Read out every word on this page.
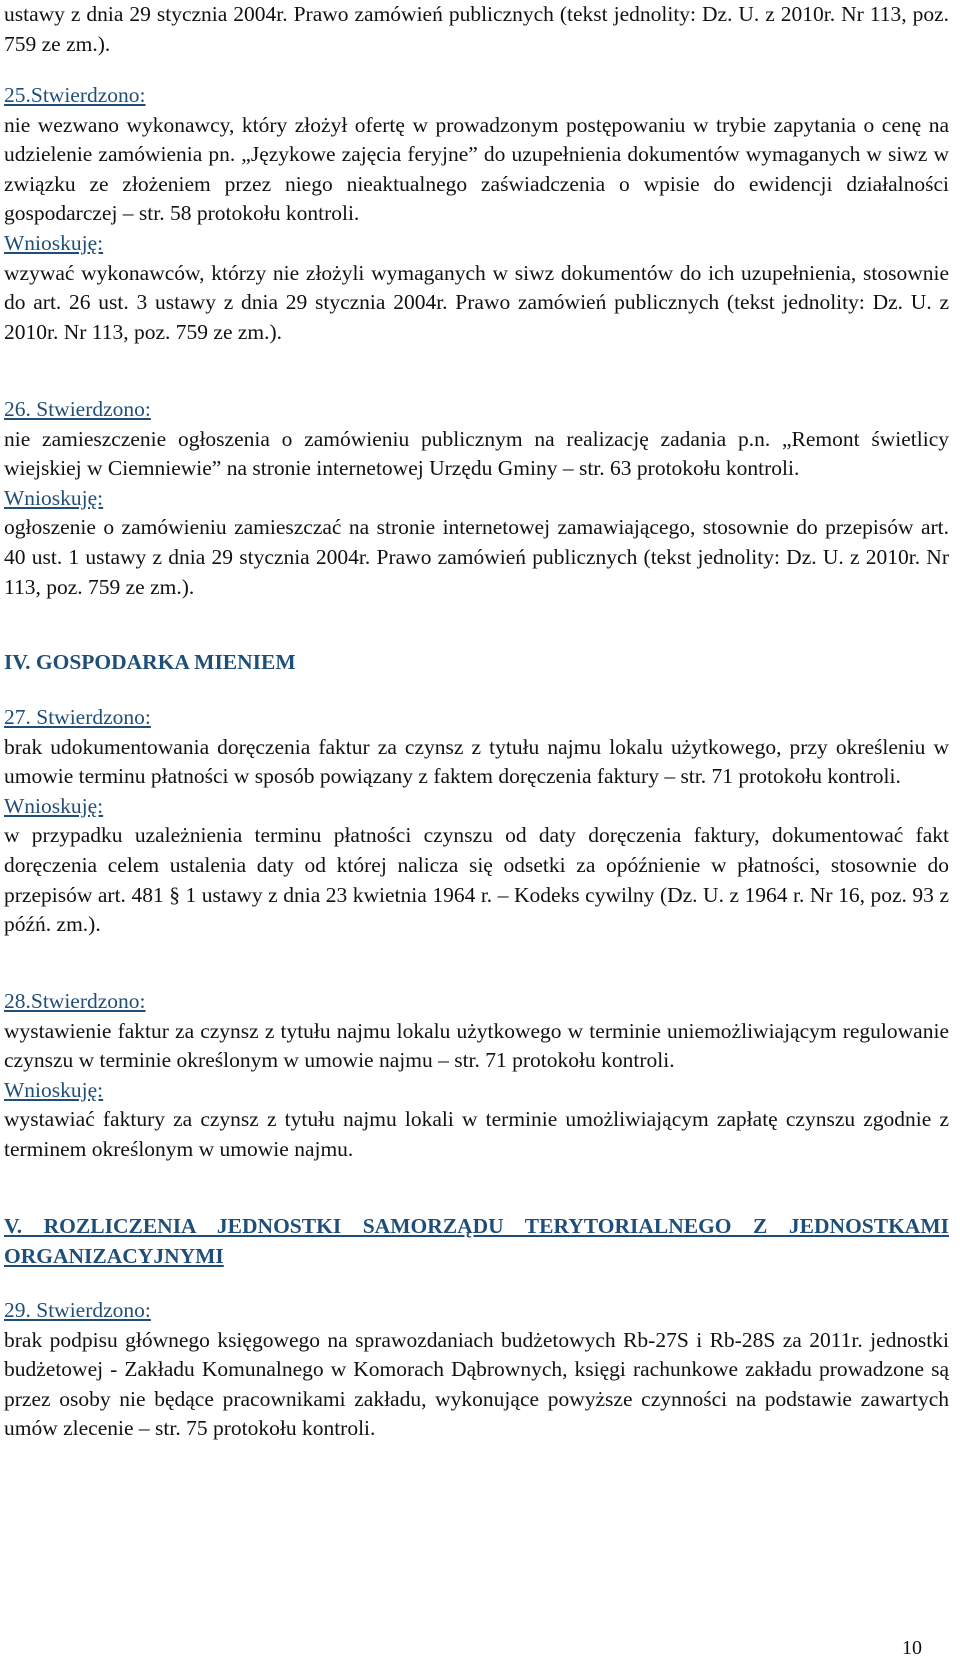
ustawy z dnia 29 stycznia 2004r. Prawo zamówień publicznych (tekst jednolity: Dz. U. z 2010r. Nr 113, poz. 759 ze zm.).

25.Stwierdzono:

nie wezwano wykonawcy, który złożył ofertę w prowadzonym postępowaniu w trybie zapytania o cenę na udzielenie zamówienia pn. „Językowe zajęcia feryjne” do uzupełnienia dokumentów wymaganych w siwz w związku ze złożeniem przez niego nieaktualnego zaświadczenia o wpisie do ewidencji działalności gospodarczej – str. 58 protokołu kontroli.

Wnioskuję:

wzywać wykonawców, którzy nie złożyli wymaganych w siwz dokumentów do ich uzupełnienia, stosownie do art. 26 ust. 3 ustawy z dnia 29 stycznia 2004r. Prawo zamówień publicznych (tekst jednolity: Dz. U. z 2010r. Nr 113, poz. 759 ze zm.).

26. Stwierdzono:

nie zamieszczenie ogłoszenia o zamówieniu publicznym na realizację zadania p.n. „Remont świetlicy wiejskiej w Ciemniewie” na stronie internetowej Urzędu Gminy – str. 63 protokołu kontroli.

Wnioskuję:

ogłoszenie o zamówieniu zamieszczać na stronie internetowej zamawiającego, stosownie do przepisów art. 40 ust. 1 ustawy z dnia 29 stycznia 2004r. Prawo zamówień publicznych (tekst jednolity: Dz. U. z 2010r. Nr 113, poz. 759 ze zm.).

IV. GOSPODARKA MIENIEM

27. Stwierdzono:

brak udokumentowania doręczenia faktur za czynsz z tytułu najmu lokalu użytkowego, przy określeniu w umowie terminu płatności w sposób powiązany z faktem doręczenia faktury – str. 71 protokołu kontroli.

Wnioskuję:

w przypadku uzależnienia terminu płatności czynszu od daty doręczenia faktury, dokumentować fakt doręczenia celem ustalenia daty od której nalicza się odsetki za opóźnienie w płatności, stosownie do przepisów art. 481 § 1 ustawy z dnia 23 kwietnia 1964 r. – Kodeks cywilny (Dz. U. z 1964 r. Nr 16, poz. 93 z późń. zm.).

28.Stwierdzono:

wystawienie faktur za czynsz z tytułu najmu lokalu użytkowego w terminie uniemożliwiającym regulowanie czynszu w terminie określonym w umowie najmu – str. 71 protokołu kontroli.

Wnioskuję:

wystawiać faktury za czynsz z tytułu najmu lokali w terminie umożliwiającym zapłatę czynszu zgodnie z terminem określonym w umowie najmu.

V. ROZLICZENIA JEDNOSTKI SAMORZĄDU TERYTORIALNEGO Z JEDNOSTKAMI ORGANIZACYJNYMI

29. Stwierdzono:

brak podpisu głównego księgowego na sprawozdaniach budżetowych Rb-27S i Rb-28S za 2011r. jednostki budżetowej - Zakładu Komunalnego w Komorach Dąbrownych, księgi rachunkowe zakładu prowadzone są przez osoby nie będące pracownikami zakładu, wykonujące powyższe czynności na podstawie zawartych umów zlecenie – str. 75 protokołu kontroli.

10
